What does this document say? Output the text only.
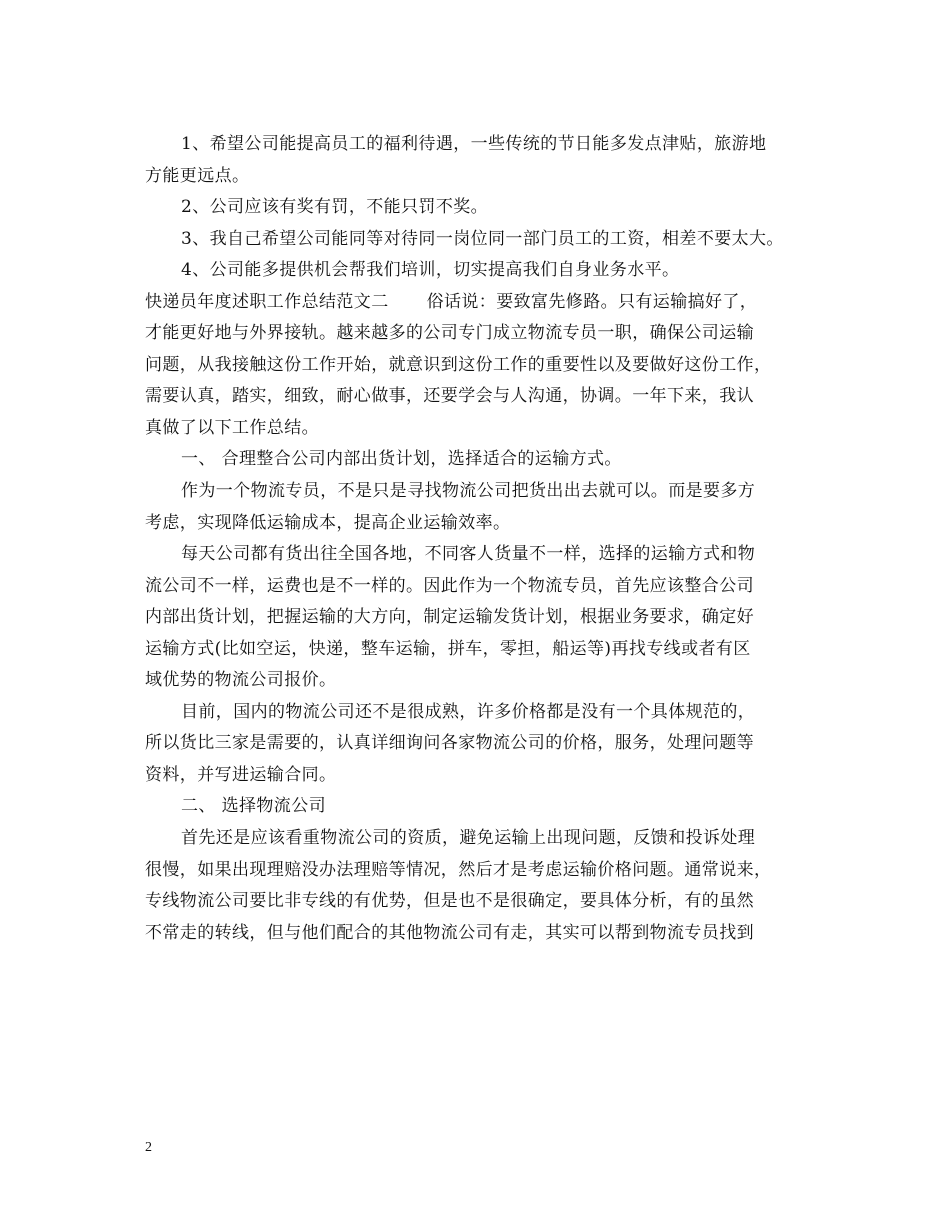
1、希望公司能提高员工的福利待遇，一些传统的节日能多发点津贴，旅游地
方能更远点。
2、公司应该有奖有罚，不能只罚不奖。
3、我自己希望公司能同等对待同一岗位同一部门员工的工资，相差不要太大。
4、公司能多提供机会帮我们培训，切实提高我们自身业务水平。
快递员年度述职工作总结范文二 俗话说：要致富先修路。只有运输搞好了，
才能更好地与外界接轨。越来越多的公司专门成立物流专员一职，确保公司运输
问题，从我接触这份工作开始，就意识到这份工作的重要性以及要做好这份工作，
需要认真，踏实，细致，耐心做事，还要学会与人沟通，协调。一年下来，我认
真做了以下工作总结。
一、 合理整合公司内部出货计划，选择适合的运输方式。
作为一个物流专员，不是只是寻找物流公司把货出出去就可以。而是要多方
考虑，实现降低运输成本，提高企业运输效率。
每天公司都有货出往全国各地，不同客人货量不一样，选择的运输方式和物
流公司不一样，运费也是不一样的。因此作为一个物流专员，首先应该整合公司
内部出货计划，把握运输的大方向，制定运输发货计划，根据业务要求，确定好
运输方式(比如空运，快递，整车运输，拼车，零担，船运等)再找专线或者有区
域优势的物流公司报价。
目前，国内的物流公司还不是很成熟，许多价格都是没有一个具体规范的，
所以货比三家是需要的，认真详细询问各家物流公司的价格，服务，处理问题等
资料，并写进运输合同。
二、 选择物流公司
首先还是应该看重物流公司的资质，避免运输上出现问题，反馈和投诉处理
很慢，如果出现理赔没办法理赔等情况，然后才是考虑运输价格问题。通常说来，
专线物流公司要比非专线的有优势，但是也不是很确定，要具体分析，有的虽然
不常走的转线，但与他们配合的其他物流公司有走，其实可以帮到物流专员找到
2
